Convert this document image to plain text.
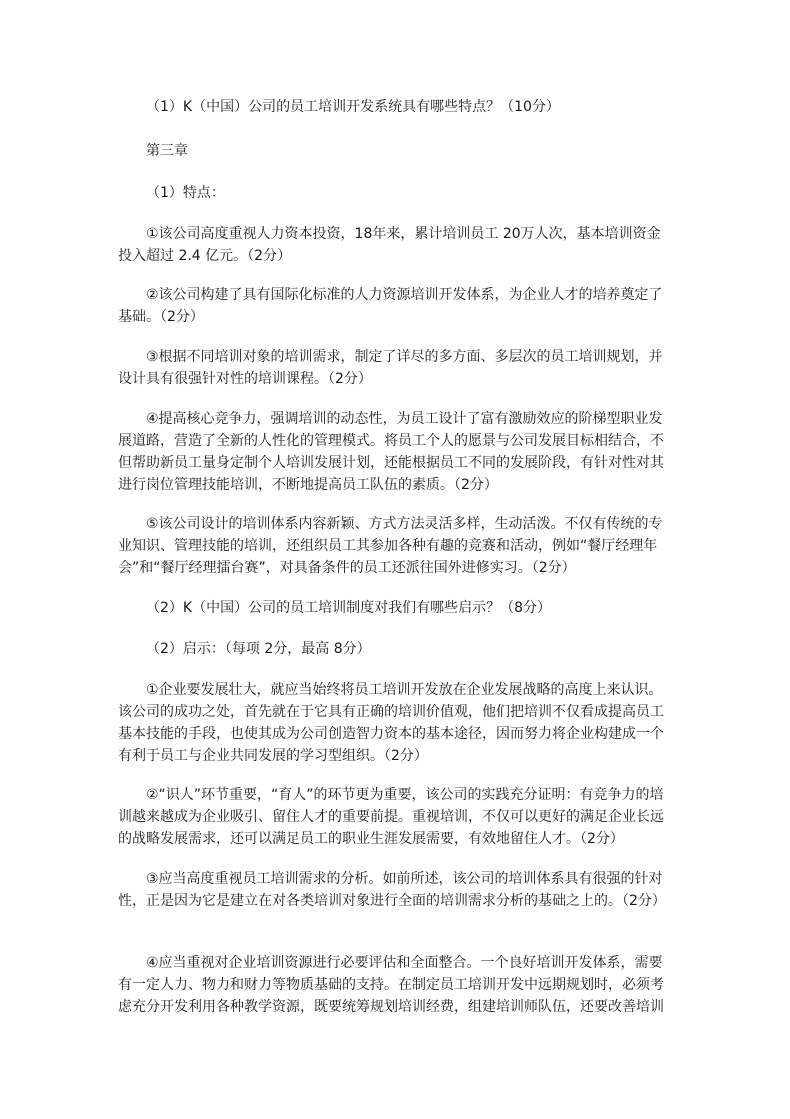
（1）K（中国）公司的员工培训开发系统具有哪些特点？（10分）

第三章

（1）特点：

①该公司高度重视人力资本投资，18年来，累计培训员工 20万人次，基本培训资金投入超过 2.4 亿元。（2分）

②该公司构建了具有国际化标准的人力资源培训开发体系，为企业人才的培养奠定了基础。（2分）

③根据不同培训对象的培训需求，制定了详尽的多方面、多层次的员工培训规划，并设计具有很强针对性的培训课程。（2分）

④提高核心竞争力，强调培训的动态性，为员工设计了富有激励效应的阶梯型职业发展道路，营造了全新的人性化的管理模式。将员工个人的愿景与公司发展目标相结合，不但帮助新员工量身定制个人培训发展计划，还能根据员工不同的发展阶段，有针对性对其进行岗位管理技能培训，不断地提高员工队伍的素质。（2分）

⑤该公司设计的培训体系内容新颖、方式方法灵活多样，生动活泼。不仅有传统的专业知识、管理技能的培训，还组织员工其参加各种有趣的竞赛和活动，例如“餐厅经理年会”和“餐厅经理擂台赛”，对具备条件的员工还派往国外进修实习。（2分）

（2）K（中国）公司的员工培训制度对我们有哪些启示？（8分）

（2）启示：（每项 2分，最高 8分）

①企业要发展壮大，就应当始终将员工培训开发放在企业发展战略的高度上来认识。该公司的成功之处，首先就在于它具有正确的培训价值观，他们把培训不仅看成提高员工基本技能的手段，也使其成为公司创造智力资本的基本途径，因而努力将企业构建成一个有利于员工与企业共同发展的学习型组织。（2分）

②“识人”环节重要，“育人”的环节更为重要，该公司的实践充分证明：有竞争力的培训越来越成为企业吸引、留住人才的重要前提。重视培训，不仅可以更好的满足企业长远的战略发展需求，还可以满足员工的职业生涯发展需要，有效地留住人才。（2分）

③应当高度重视员工培训需求的分析。如前所述，该公司的培训体系具有很强的针对性，正是因为它是建立在对各类培训对象进行全面的培训需求分析的基础之上的。（2分）

④应当重视对企业培训资源进行必要评估和全面整合。一个良好培训开发体系，需要有一定人力、物力和财力等物质基础的支持。在制定员工培训开发中远期规划时，必须考虑充分开发利用各种教学资源，既要统筹规划培训经费，组建培训师队伍，还要改善培训
